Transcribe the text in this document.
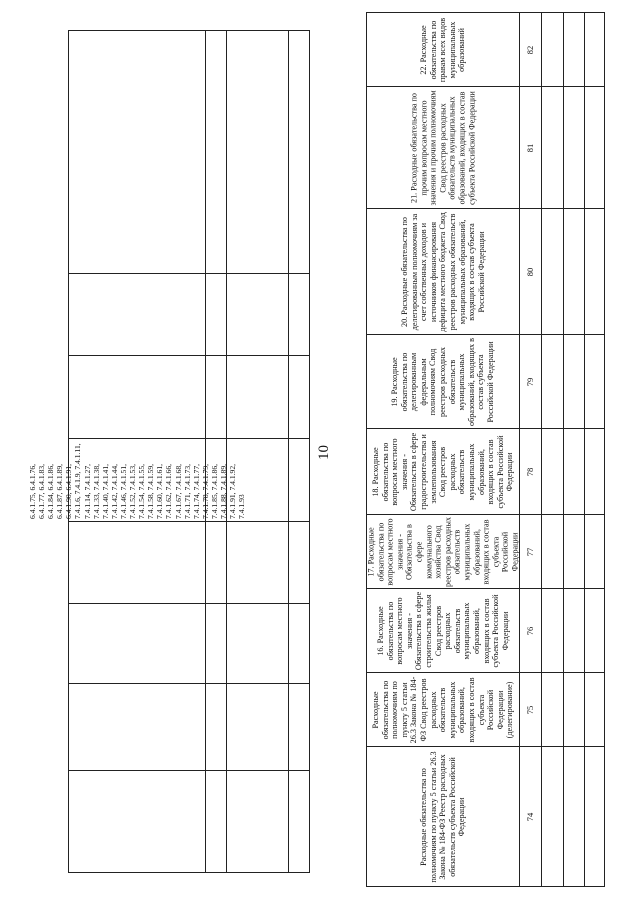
10
6.4.1.75, 6.4.1.76, 6.4.1.77, 6.4.1.83, 6.4.1.84, 6.4.1.86, 6.4.1.87, 6.4.1.89, 6.4.1.90, 6.4.1.91, 7.4.1.6, 7.4.1.9, 7.4.1.11, 7.4.1.14, 7.4.1.27, 7.4.1.33, 7.4.1.38, 7.4.1.40, 7.4.1.41, 7.4.1.42, 7.4.1.44, 7.4.1.46, 7.4.1.51, 7.4.1.52, 7.4.1.53, 7.4.1.54, 7.4.1.55, 7.4.1.58, 7.4.1.59, 7.4.1.60, 7.4.1.61, 7.4.1.62, 7.4.1.66, 7.4.1.67, 7.4.1.68, 7.4.1.71, 7.4.1.73, 7.4.1.74, 7.4.1.77, 7.4.1.78, 7.4.1.79, 7.4.1.85, 7.4.1.86, 7.4.1.88, 7.4.1.89, 7.4.1.91, 7.4.1.92, 7.4.1.93
22. Расходные обязательства по правам всех видов муниципальных образований	82
21. Расходные обязательства по прочим вопросам местного значения и прочим полномочиям Свод реестров расходных обязательств муниципальных образований, входящих в состав субъекта Российской Федерации	81
20. Расходные обязательства по делегированным полномочиям за счет собственных доходов и источников финансирования дефицита местного бюджета Свод реестров расходных обязательств муниципальных образований, входящих в состав субъекта Российской Федерации	80
19. Расходные обязательства по делегированным федеральным полномочиям Свод реестров расходных обязательств муниципальных образований, входящих в состав субъекта Российской Федерации	79
18. Расходные обязательства по вопросам местного значения - Обязательства в сфере градостроительства и землепользования Свод реестров расходных обязательств муниципальных образований, входящих в состав субъекта Российской Федерации 78
17. Расходные обязательства по вопросам местного значения - Обязательства в сфере коммунального хозяйства Свод реестров расходных обязательств муниципальных образований, входящих в состав субъекта Российской Федерации 77
16. Расходные обязательства по вопросам местного значения - Обязательства в сфере строительства жилья Свод реестров расходных обязательств муниципальных образований, входящих в состав субъекта Российской Федерации 76
Расходные обязательства по полномочиям по пункту 5 статьи 26.3 Закона № 184-ФЗ Свод реестров расходных обязательств муниципальных образований, входящих в состав субъекта Российской Федерации (делегирование) 75
Расходные обязательства по полномочиям по пункту 5 статьи 26.3 Закона № 184-ФЗ Реестр расходных обязательств субъекта Российской Федерации	74
